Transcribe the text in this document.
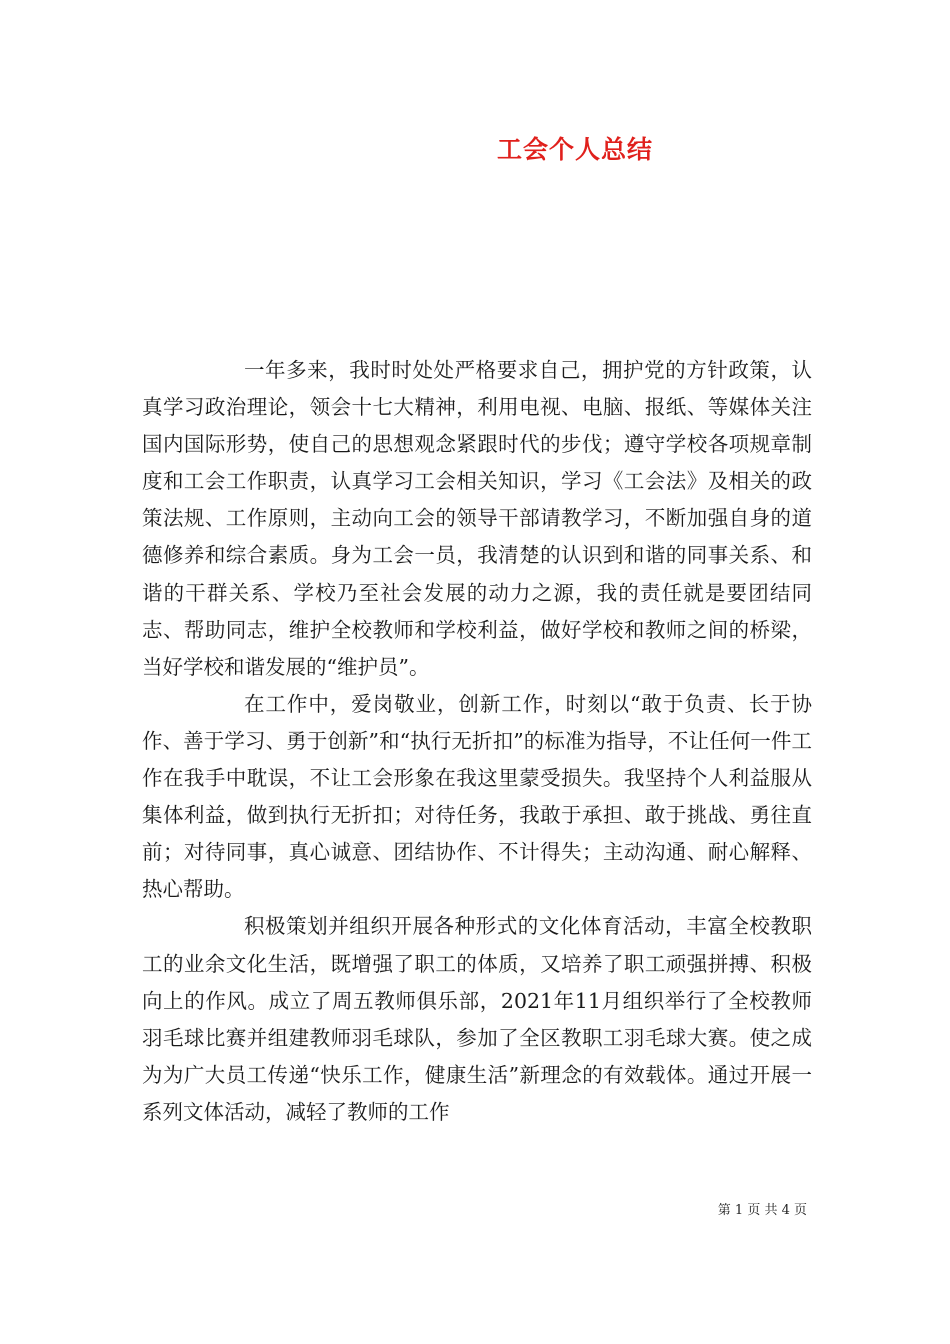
工会个人总结

一年多来，我时时处处严格要求自己，拥护党的方针政策，认真学习政治理论，领会十七大精神，利用电视、电脑、报纸、等媒体关注国内国际形势，使自己的思想观念紧跟时代的步伐；遵守学校各项规章制度和工会工作职责，认真学习工会相关知识，学习《工会法》及相关的政策法规、工作原则，主动向工会的领导干部请教学习，不断加强自身的道德修养和综合素质。身为工会一员，我清楚的认识到和谐的同事关系、和谐的干群关系、学校乃至社会发展的动力之源，我的责任就是要团结同志、帮助同志，维护全校教师和学校利益，做好学校和教师之间的桥梁，当好学校和谐发展的“维护员”。

在工作中，爱岗敬业，创新工作，时刻以“敢于负责、长于协作、善于学习、勇于创新”和“执行无折扣”的标准为指导，不让任何一件工作在我手中耽误，不让工会形象在我这里蒙受损失。我坚持个人利益服从集体利益，做到执行无折扣；对待任务，我敢于承担、敢于挑战、勇往直前；对待同事，真心诚意、团结协作、不计得失；主动沟通、耐心解释、热心帮助。

积极策划并组织开展各种形式的文化体育活动，丰富全校教职工的业余文化生活，既增强了职工的体质，又培养了职工顽强拼搏、积极向上的作风。成立了周五教师俱乐部，2021年11月组织举行了全校教师羽毛球比赛并组建教师羽毛球队，参加了全区教职工羽毛球大赛。使之成为为广大员工传递“快乐工作，健康生活”新理念的有效载体。通过开展一系列文体活动，减轻了教师的工作

第 1 页 共 4 页
